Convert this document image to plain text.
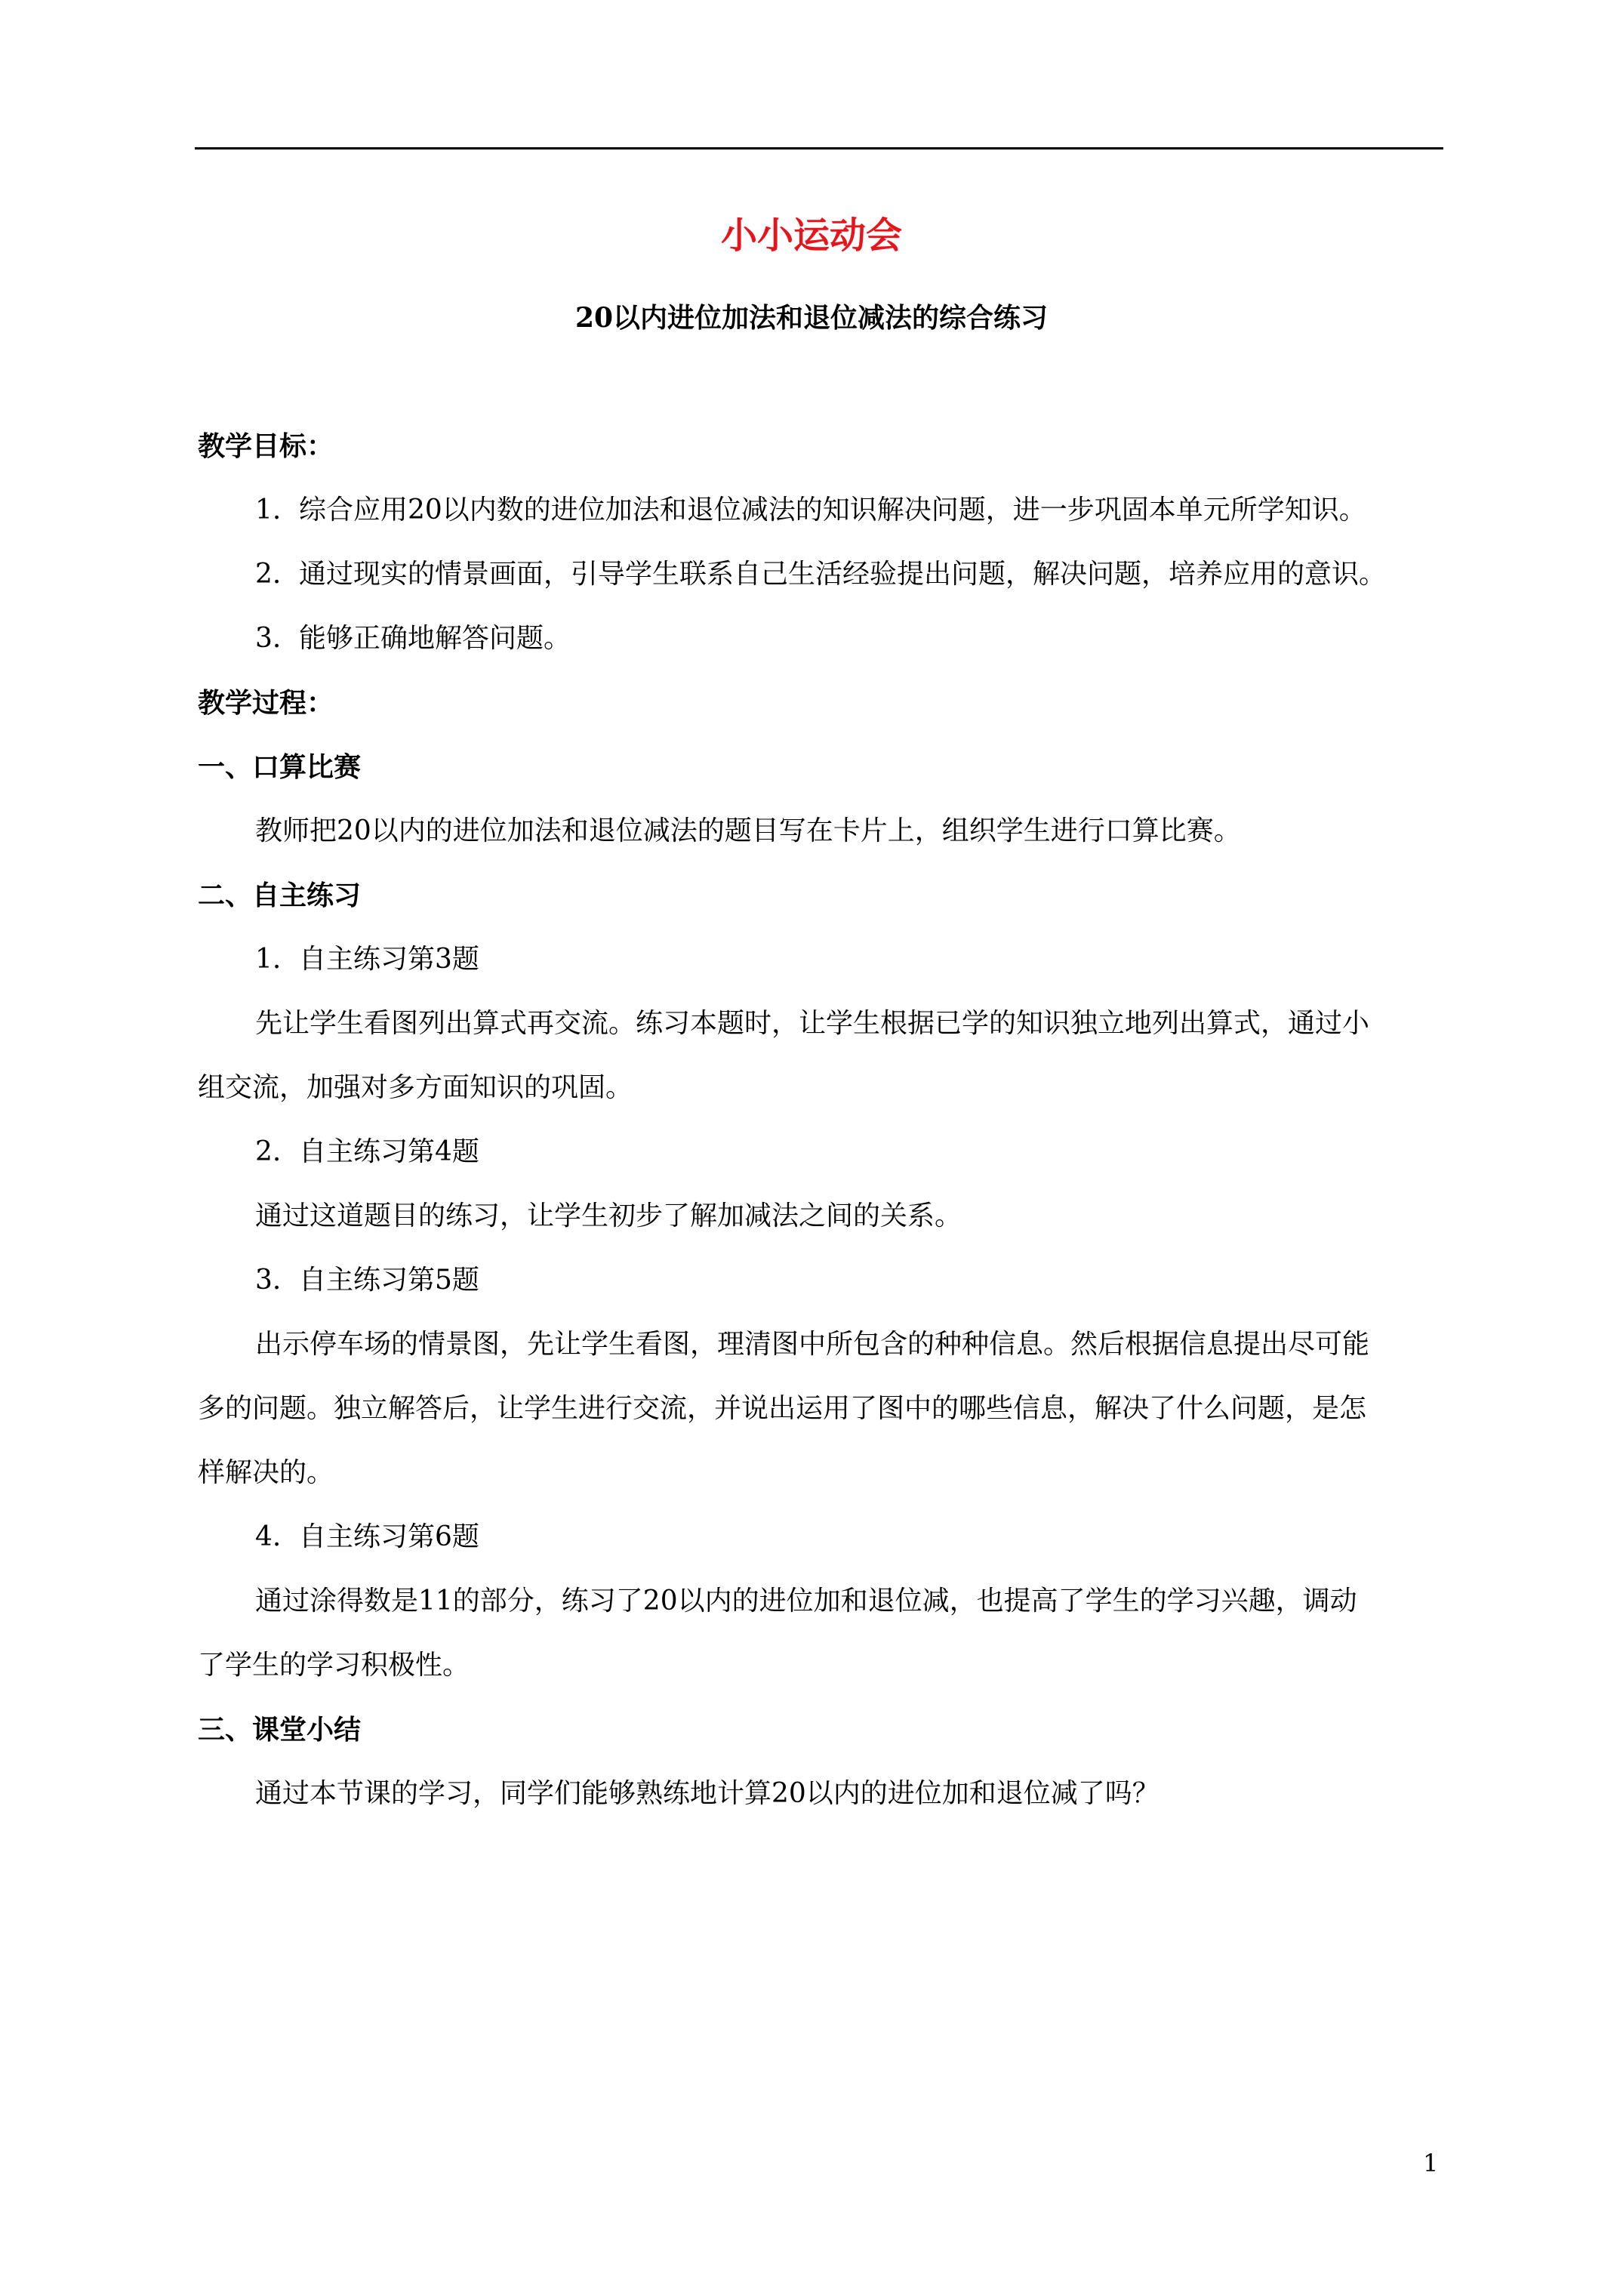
小小运动会
20以内进位加法和退位减法的综合练习
教学目标：
1. 综合应用20以内数的进位加法和退位减法的知识解决问题，进一步巩固本单元所学知识。
2. 通过现实的情景画面，引导学生联系自己生活经验提出问题，解决问题，培养应用的意识。
3. 能够正确地解答问题。
教学过程：
一、口算比赛
教师把20以内的进位加法和退位减法的题目写在卡片上，组织学生进行口算比赛。
二、自主练习
1. 自主练习第3题
先让学生看图列出算式再交流。练习本题时，让学生根据已学的知识独立地列出算式，通过小
组交流，加强对多方面知识的巩固。
2. 自主练习第4题
通过这道题目的练习，让学生初步了解加减法之间的关系。
3. 自主练习第5题
出示停车场的情景图，先让学生看图，理清图中所包含的种种信息。然后根据信息提出尽可能
多的问题。独立解答后，让学生进行交流，并说出运用了图中的哪些信息，解决了什么问题，是怎
样解决的。
4. 自主练习第6题
通过涂得数是11的部分，练习了20以内的进位加和退位减，也提高了学生的学习兴趣，调动
了学生的学习积极性。
三、课堂小结
通过本节课的学习，同学们能够熟练地计算20以内的进位加和退位减了吗？
1
